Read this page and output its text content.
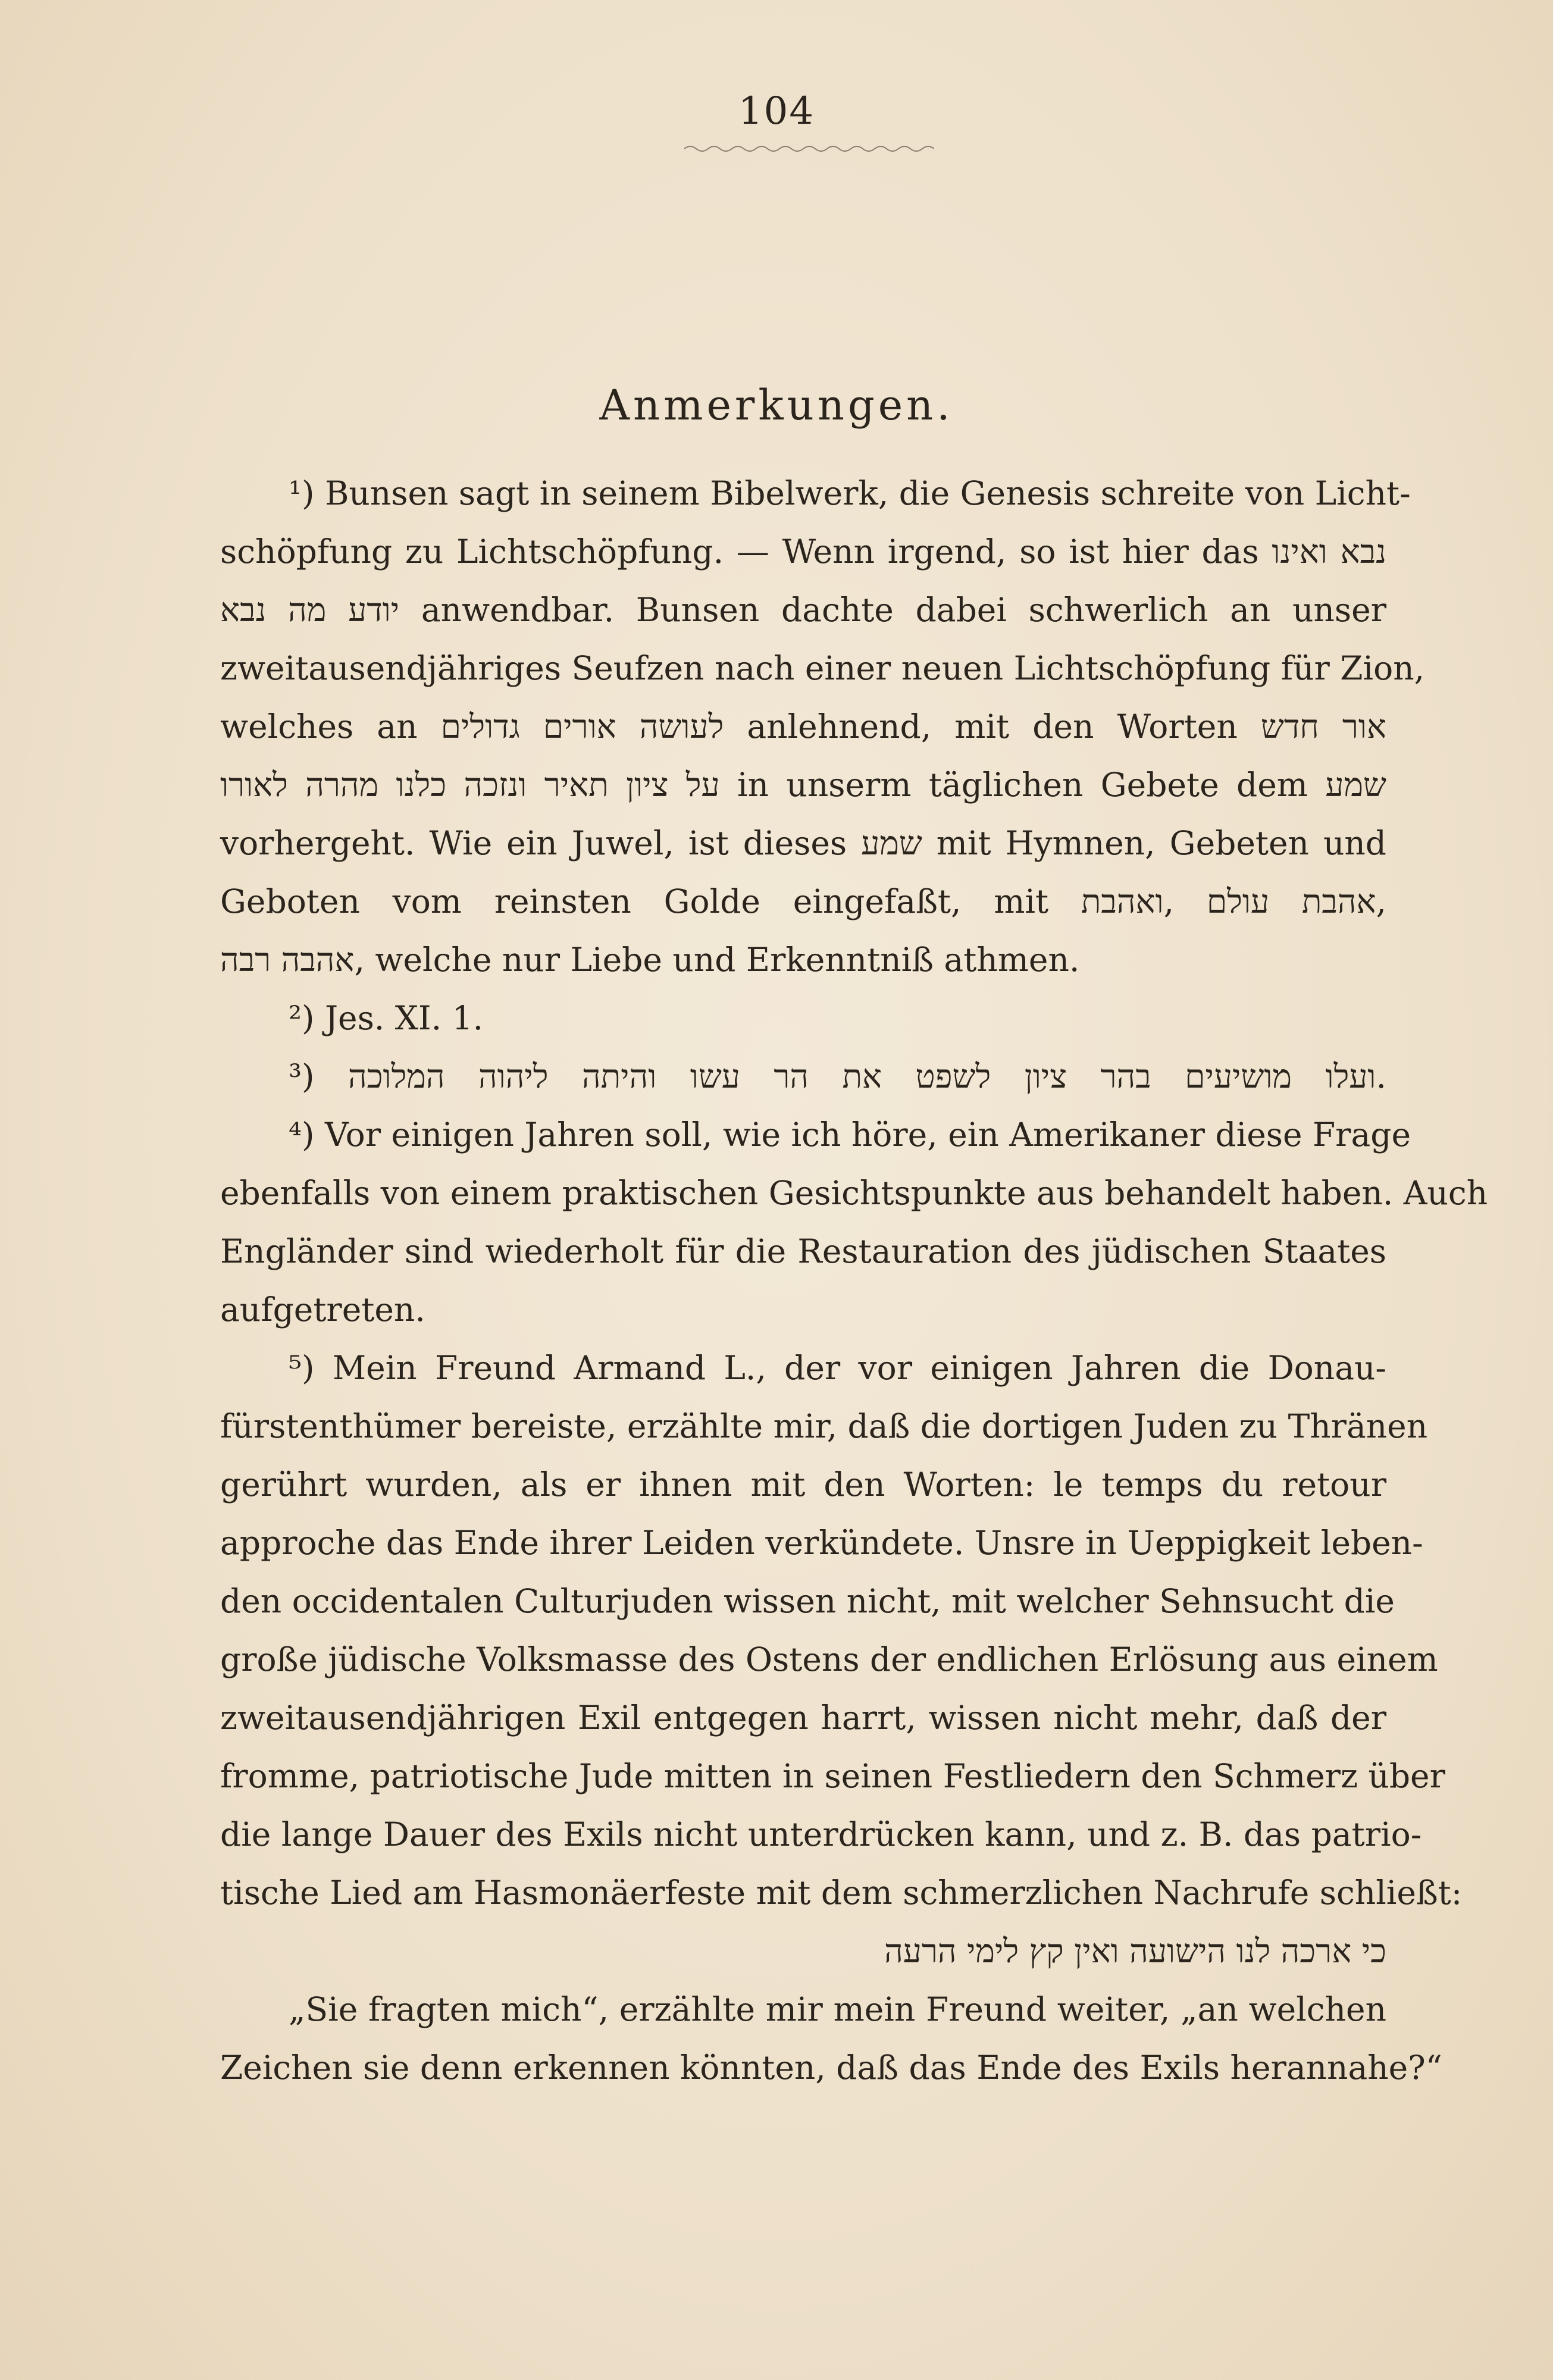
104
Anmerkungen.
¹) Bunsen sagt in seinem Bibelwerk, die Genesis schreite von Licht-
schöpfung zu Lichtschöpfung. — Wenn irgend, so ist hier das נבא ואינו
יודע מה נבא anwendbar. Bunsen dachte dabei schwerlich an unser
zweitausendjähriges Seufzen nach einer neuen Lichtschöpfung für Zion,
welches an לעושה אורים גדולים anlehnend, mit den Worten אור חדש
על ציון תאיר ונזכה כלנו מהרה לאורו in unserm täglichen Gebete dem שמע
vorhergeht. Wie ein Juwel, ist dieses שמע mit Hymnen, Gebeten und
Geboten vom reinsten Golde eingefaßt, mit אהבת עולם ,ואהבת,
אהבה רבה, welche nur Liebe und Erkenntniß athmen.
²) Jes. XI. 1.
³) ועלו מושיעים בהר ציון לשפט את הר עשו והיתה ליהוה המלוכה.
⁴) Vor einigen Jahren soll, wie ich höre, ein Amerikaner diese Frage
ebenfalls von einem praktischen Gesichtspunkte aus behandelt haben. Auch
Engländer sind wiederholt für die Restauration des jüdischen Staates
aufgetreten.
⁵) Mein Freund Armand L., der vor einigen Jahren die Donau-
fürstenthümer bereiste, erzählte mir, daß die dortigen Juden zu Thränen
gerührt wurden, als er ihnen mit den Worten: le temps du retour
approche das Ende ihrer Leiden verkündete. Unsre in Ueppigkeit leben-
den occidentalen Culturjuden wissen nicht, mit welcher Sehnsucht die
große jüdische Volksmasse des Ostens der endlichen Erlösung aus einem
zweitausendjährigen Exil entgegen harrt, wissen nicht mehr, daß der
fromme, patriotische Jude mitten in seinen Festliedern den Schmerz über
die lange Dauer des Exils nicht unterdrücken kann, und z. B. das patrio-
tische Lied am Hasmonäerfeste mit dem schmerzlichen Nachrufe schließt:
כי ארכה לנו הישועה ואין קץ לימי הרעה
„Sie fragten mich“, erzählte mir mein Freund weiter, „an welchen
Zeichen sie denn erkennen könnten, daß das Ende des Exils herannahe?“
